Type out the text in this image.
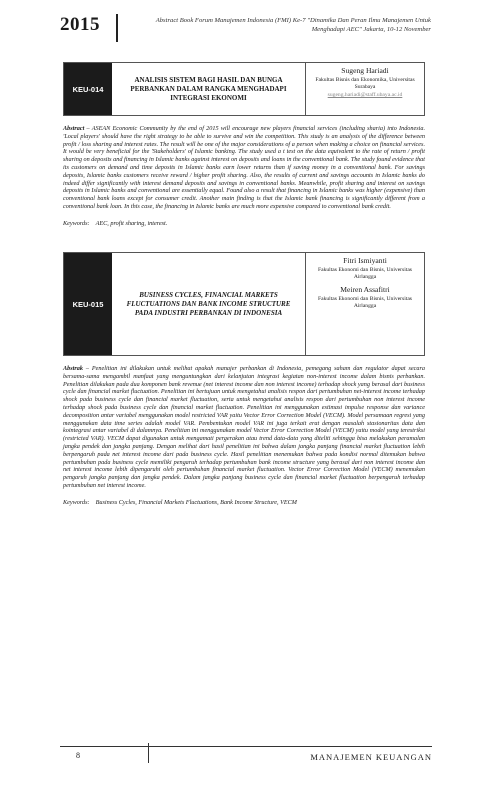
2015	Abstract Book Forum Manajemen Indonesia (FMI) Ke-7 "Dinamika Dan Peran Ilmu Manajemen Untuk Menghadapi AEC" Jakarta, 10-12 November
KEU-014
ANALISIS SISTEM BAGI HASIL DAN BUNGA PERBANKAN DALAM RANGKA MENGHADAPI INTEGRASI EKONOMI
Sugeng Hariadi
Fakultas Bisnis dan Ekonomika, Universitas Surabaya
sugeng.hariadi@staff.ubaya.ac.id

Abstract – ASEAN Economic Community by the end of 2015 will encourage new players financial services (including sharia) into Indonesia. 'Local players' should have the right strategy to be able to survive and win the competition. This study is an analysis of the difference between profit / loss sharing and interest rates. The result will be one of the major considerations of a person when making a choice on financial services. It would be very beneficial for the 'Stakeholders' of Islamic banking. The study used a t test on the data equivalent to the rate of return / profit sharing on deposits and financing in Islamic banks against interest on deposits and loans in the conventional bank. The study found evidence that its customers on demand and time deposits in Islamic banks earn lower returns than if saving money in a conventional bank. For savings deposits, Islamic banks customers receive reward / higher profit sharing. Also, the results of current and savings accounts in Islamic banks do indeed differ significantly with interest demand deposits and savings in conventional banks. Meanwhile, profit sharing and interest on savings deposits in Islamic banks and conventional are essentially equal. Found also a result that financing in Islamic banks was higher (expensive) than conventional bank loans except for consumer credit. Another main finding is that the Islamic bank financing is significantly different from a conventional bank loan. In this case, the financing in Islamic banks are much more expensive compared to conventional bank credit.

Keywords: AEC, profit sharing, interest.
KEU-015
BUSINESS CYCLES, FINANCIAL MARKETS FLUCTUATIONS DAN BANK INCOME STRUCTURE PADA INDUSTRI PERBANKAN DI INDONESIA
Fitri Ismiyanti
Fakultas Ekonomi dan Bisnis, Universitas Airlangga
Meiren Assafitri
Fakultas Ekonomi dan Bisnis, Universitas Airlangga

Abstrak – Penelitian ini dilakukan untuk melihat apakah manajer perbankan di Indonesia, pemegang saham dan regulator dapat secara bersama-sama mengambil manfaat yang menguntungkan dari kelanjutan integrasi kegiatan non-interest income dalam bisnis perbankan. Penelitian dilakukan pada dua komponen bank revenue (net interest income dan non interest income) terhadap shock yang berasal dari business cycle dan financial market fluctuation. Penelitian ini bertujuan untuk mengetahui analisis respon dari pertumbuhan net-interest income terhadap shock pada business cycle dan financial market fluctuation, serta untuk mengetahui analisis respon dari pertumbuhan non interest income terhadap shock pada business cycle dan financial market fluctuation. Penelitian ini menggunakan estimasi impulse response dan variance decomposition antar variabel menggunakan model restricted VAR yaitu Vector Error Correction Model (VECM). Model persamaan regresi yang menggunakan data time series adalah model VAR. Pembentukan model VAR ini juga terkait erat dengan masalah stasionaritas data dan kointegrasi antar variabel di dalamnya. Penelitian ini menggunakan model Vector Error Correction Model (VECM) yaitu model yang terestriksi (restricted VAR). VECM dapat digunakan untuk mengamati pergerakan atau trend data-data yang diteliti sehingga bisa melakukan peramalan jangka pendek dan jangka panjang. Dengan melihat dari hasil penelitian ini bahwa dalam jangka panjang financial market fluctuation lebih berpengaruh pada net interest income dari pada business cycle. Hasil penelitian menemukan bahwa pada kondisi normal ditemukan bahwa pertumbuhan pada business cycle memiliki pengaruh terhadap pertumbuhan bank income structure yang berasal dari non interest income dan net interest income lebih dipengaruhi oleh pertumbuhan financial market fluctuation. Vector Error Correction Model (VECM) menemukan pengaruh jangka panjang dan jangka pendek. Dalam jangka panjang business cycle dan financial market fluctuation berpengaruh terhadap pertumbuhan net interest income.

Keywords: Business Cycles, Financial Markets Fluctuations, Bank Income Structure, VECM
8	MANAJEMEN KEUANGAN
